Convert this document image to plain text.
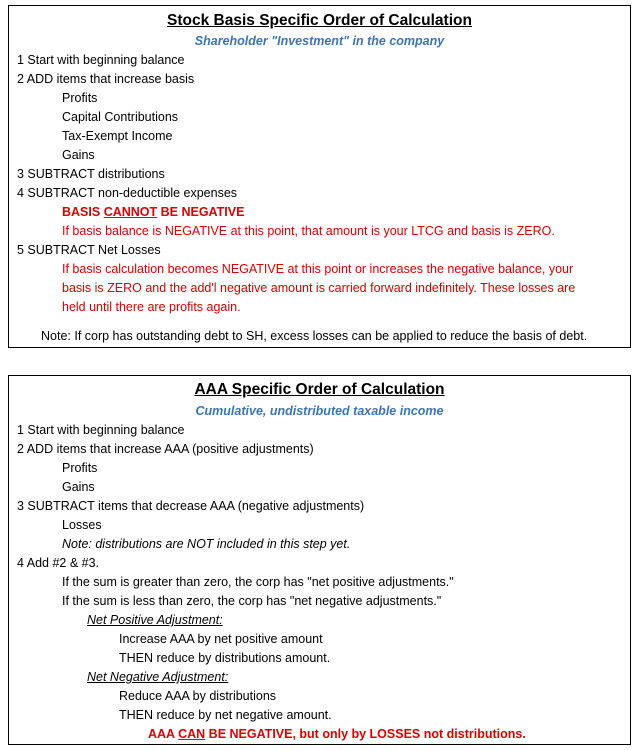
Stock Basis Specific Order of Calculation
Shareholder "Investment" in the company
1 Start with beginning balance
2 ADD items that increase basis
Profits
Capital Contributions
Tax-Exempt Income
Gains
3 SUBTRACT distributions
4 SUBTRACT non-deductible expenses
BASIS CANNOT BE NEGATIVE
If basis balance is NEGATIVE at this point, that amount is your LTCG and basis is ZERO.
5 SUBTRACT Net Losses
If basis calculation becomes NEGATIVE at this point or increases the negative balance, your
basis is ZERO and the add'l negative amount is carried forward indefinitely. These losses are
held until there are profits again.
Note: If corp has outstanding debt to SH, excess losses can be applied to reduce the basis of debt.
AAA Specific Order of Calculation
Cumulative, undistributed taxable income
1 Start with beginning balance
2 ADD items that increase AAA (positive adjustments)
Profits
Gains
3 SUBTRACT items that decrease AAA (negative adjustments)
Losses
Note: distributions are NOT included in this step yet.
4 Add #2 & #3.
If the sum is greater than zero, the corp has "net positive adjustments."
If the sum is less than zero, the corp has "net negative adjustments."
Net Positive Adjustment:
Increase AAA by net positive amount
THEN reduce by distributions amount.
Net Negative Adjustment:
Reduce AAA by distributions
THEN reduce by net negative amount.
AAA CAN BE NEGATIVE, but only by LOSSES not distributions.
